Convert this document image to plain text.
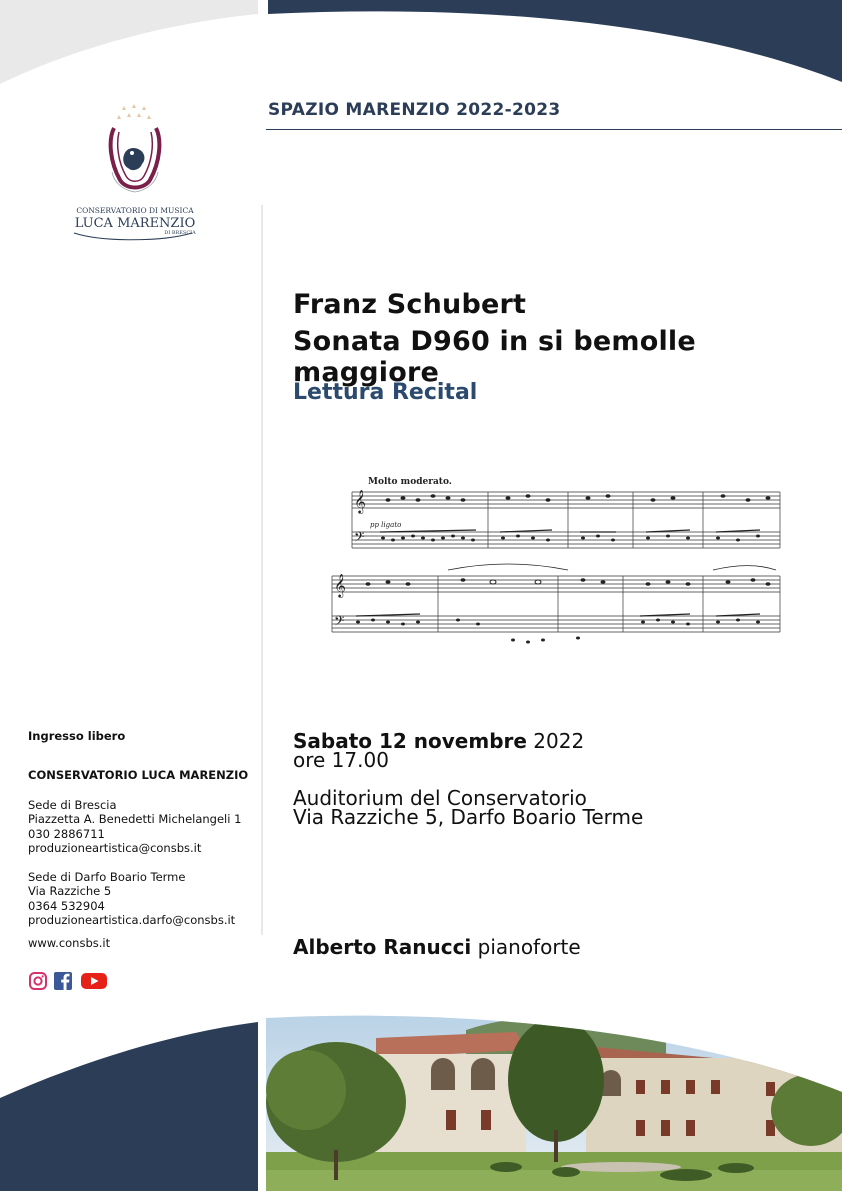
CONSERVATORIO DI MUSICA
LUCA MARENZIO
DI BRESCIA
SPAZIO MARENZIO 2022-2023
Franz Schubert
Sonata D960 in si bemolle maggiore
Lettura Recital
Molto moderato.
pp ligato
𝄞
𝄢
𝄞
𝄢
Sabato 12 novembre 2022
ore 17.00
Auditorium del Conservatorio
Via Razziche 5, Darfo Boario Terme
Alberto Ranucci pianoforte
Ingresso libero
CONSERVATORIO LUCA MARENZIO
Sede di Brescia
Piazzetta A. Benedetti Michelangeli 1
030 2886711
produzioneartistica@consbs.it
Sede di Darfo Boario Terme
Via Razziche 5
0364 532904
produzioneartistica.darfo@consbs.it
www.consbs.it
